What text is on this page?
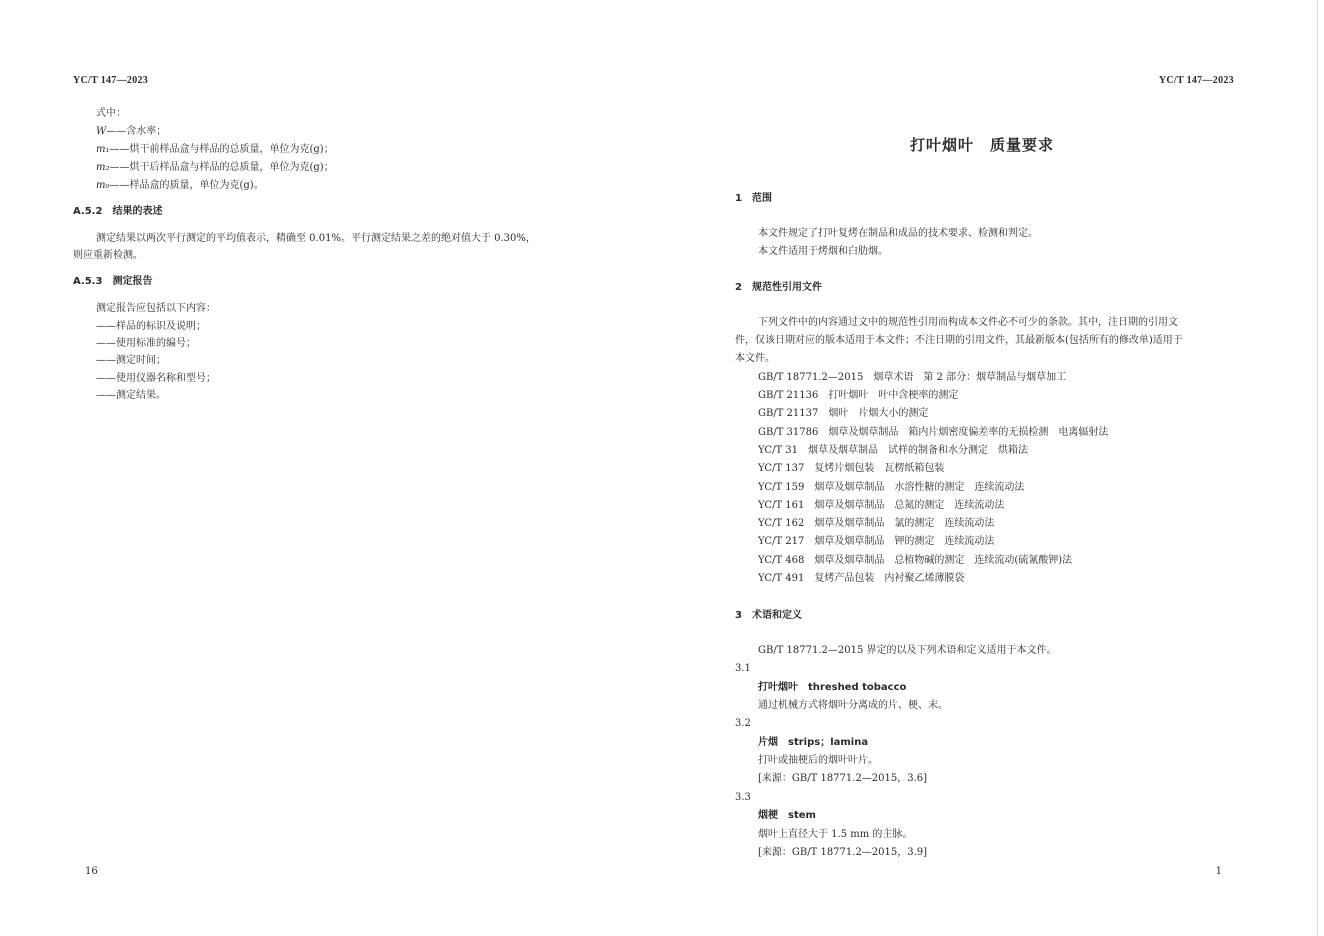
YC/T 147—2023
式中：
W——含水率；
m₁——烘干前样品盒与样品的总质量，单位为克(g)；
m₂——烘干后样品盒与样品的总质量，单位为克(g)；
m₀——样品盒的质量，单位为克(g)。
A.5.2　 结果的表述
测定结果以两次平行测定的平均值表示，精确至 0.01%。平行测定结果之差的绝对值大于 0.30%，
则应重新检测。
A.5.3　 测定报告
测定报告应包括以下内容：
——样品的标识及说明；
——使用标准的编号；
——测定时间；
——使用仪器名称和型号；
——测定结果。
16
YC/T 147—2023
打叶烟叶　质量要求
1　 范围
本文件规定了打叶复烤在制品和成品的技术要求、检测和判定。
本文件适用于烤烟和白肋烟。
2　 规范性引用文件
下列文件中的内容通过文中的规范性引用而构成本文件必不可少的条款。其中，注日期的引用文
件，仅该日期对应的版本适用于本文件；不注日期的引用文件，其最新版本(包括所有的修改单)适用于
本文件。
GB/T 18771.2—2015　烟草术语　第 2 部分：烟草制品与烟草加工
GB/T 21136　打叶烟叶　叶中含梗率的测定
GB/T 21137　烟叶　片烟大小的测定
GB/T 31786　烟草及烟草制品　箱内片烟密度偏差率的无损检测　电离辐射法
YC/T 31　烟草及烟草制品　试样的制备和水分测定　烘箱法
YC/T 137　复烤片烟包装　瓦楞纸箱包装
YC/T 159　烟草及烟草制品　水溶性糖的测定　连续流动法
YC/T 161　烟草及烟草制品　总氮的测定　连续流动法
YC/T 162　烟草及烟草制品　氯的测定　连续流动法
YC/T 217　烟草及烟草制品　钾的测定　连续流动法
YC/T 468　烟草及烟草制品　总植物碱的测定　连续流动(硫氰酸钾)法
YC/T 491　复烤产品包装　内衬聚乙烯薄膜袋
3　 术语和定义
GB/T 18771.2—2015 界定的以及下列术语和定义适用于本文件。
3.1
打叶烟叶　threshed tobacco
通过机械方式将烟叶分离成的片、梗、末。
3.2
片烟　strips；lamina
打叶或抽梗后的烟叶叶片。
[来源：GB/T 18771.2—2015，3.6]
3.3
烟梗　stem
烟叶上直径大于 1.5 mm 的主脉。
[来源：GB/T 18771.2—2015，3.9]
1
